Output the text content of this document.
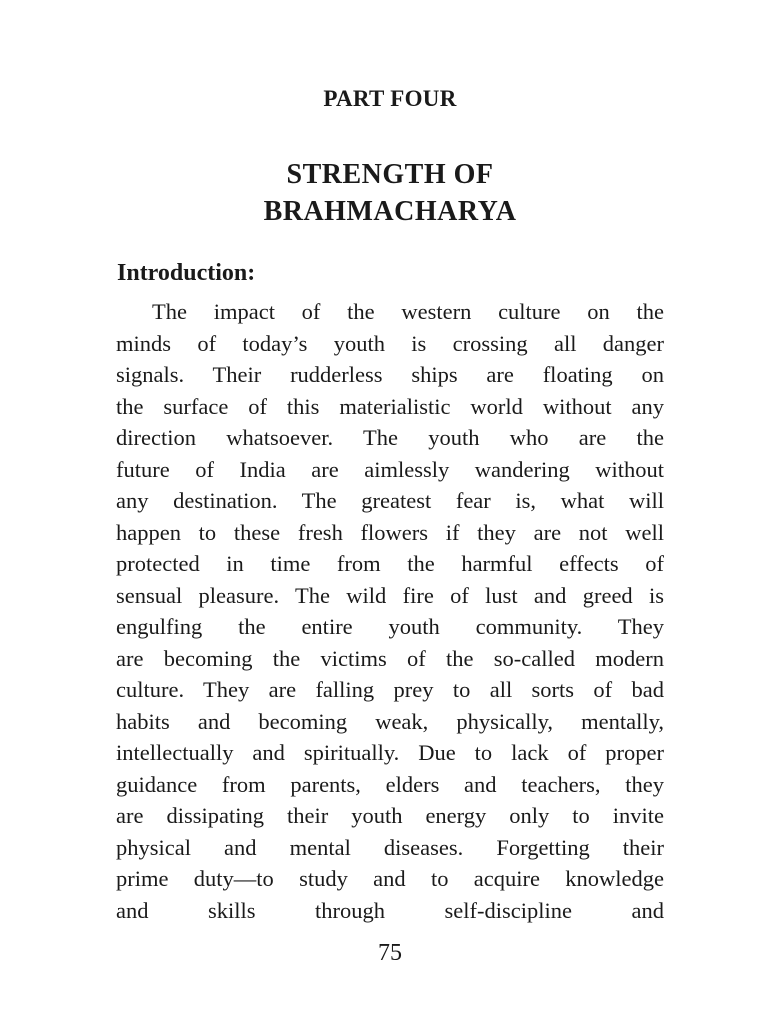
PART FOUR
STRENGTH OF
BRAHMACHARYA
Introduction:
The impact of the western culture on the
minds of today’s youth is crossing all danger
signals. Their rudderless ships are floating on
the surface of this materialistic world without any
direction whatsoever. The youth who are the
future of India are aimlessly wandering without
any destination. The greatest fear is, what will
happen to these fresh flowers if they are not well
protected in time from the harmful effects of
sensual pleasure. The wild fire of lust and greed is
engulfing the entire youth community. They
are becoming the victims of the so-called modern
culture. They are falling prey to all sorts of bad
habits and becoming weak, physically, mentally,
intellectually and spiritually. Due to lack of proper
guidance from parents, elders and teachers, they
are dissipating their youth energy only to invite
physical and mental diseases. Forgetting their
prime duty—to study and to acquire knowledge
and skills through self-discipline and
75
